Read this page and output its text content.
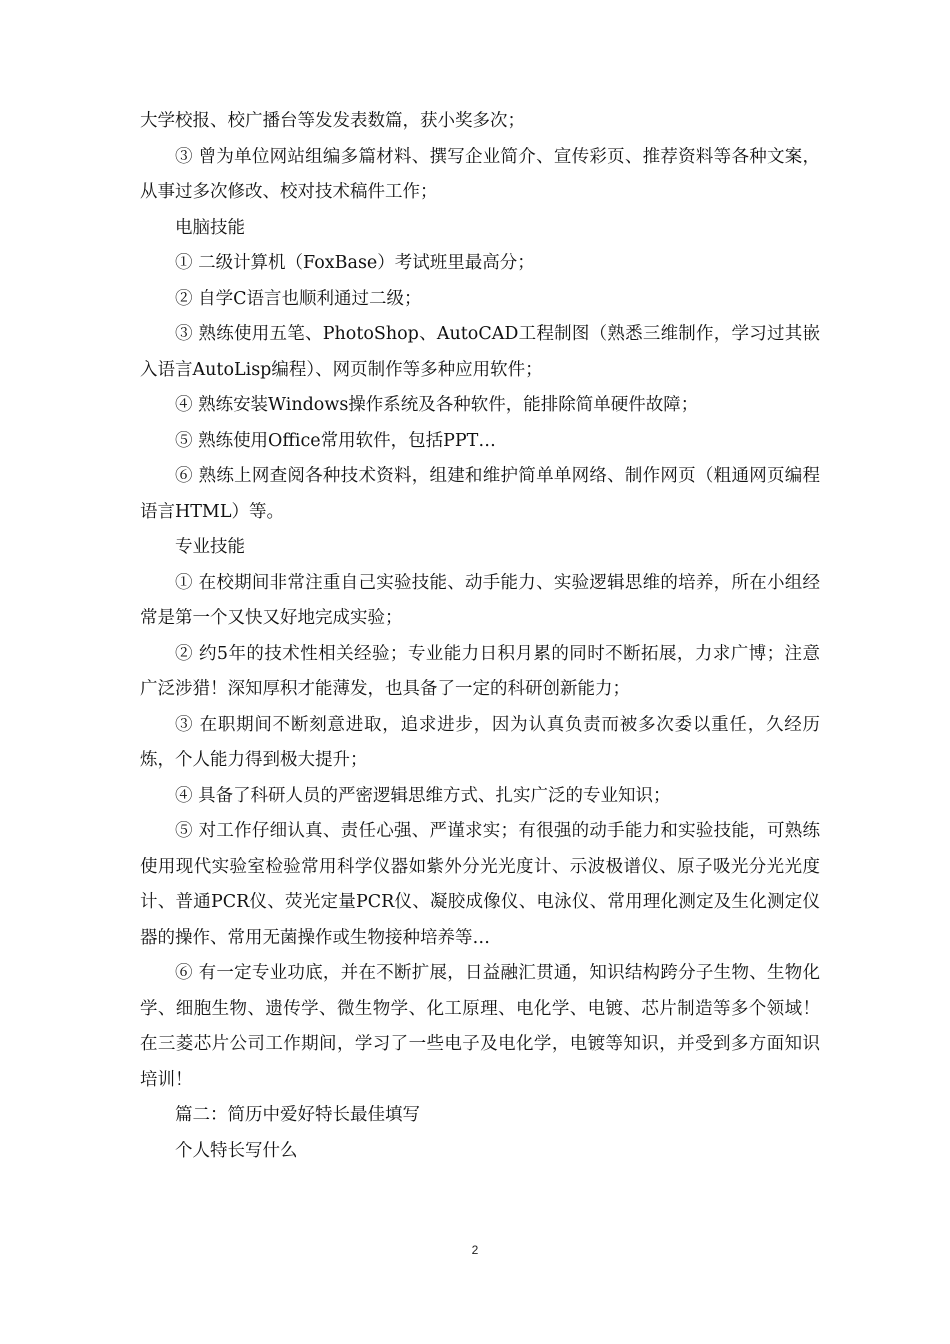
大学校报、校广播台等发发表数篇，获小奖多次；

③ 曾为单位网站组编多篇材料、撰写企业简介、宣传彩页、推荐资料等各种文案，从事过多次修改、校对技术稿件工作；

电脑技能

① 二级计算机（FoxBase）考试班里最高分；

② 自学C语言也顺利通过二级；

③ 熟练使用五笔、PhotoShop、AutoCAD工程制图（熟悉三维制作，学习过其嵌入语言AutoLisp编程）、网页制作等多种应用软件；

④ 熟练安装Windows操作系统及各种软件，能排除简单硬件故障；

⑤ 熟练使用Office常用软件，包括PPT…

⑥ 熟练上网查阅各种技术资料，组建和维护简单单网络、制作网页（粗通网页编程语言HTML）等。

专业技能

① 在校期间非常注重自己实验技能、动手能力、实验逻辑思维的培养，所在小组经常是第一个又快又好地完成实验；

② 约5年的技术性相关经验；专业能力日积月累的同时不断拓展，力求广博；注意广泛涉猎！深知厚积才能薄发，也具备了一定的科研创新能力；

③ 在职期间不断刻意进取，追求进步，因为认真负责而被多次委以重任，久经历炼，个人能力得到极大提升；

④ 具备了科研人员的严密逻辑思维方式、扎实广泛的专业知识；

⑤ 对工作仔细认真、责任心强、严谨求实；有很强的动手能力和实验技能，可熟练使用现代实验室检验常用科学仪器如紫外分光光度计、示波极谱仪、原子吸光分光光度计、普通PCR仪、荧光定量PCR仪、凝胶成像仪、电泳仪、常用理化测定及生化测定仪器的操作、常用无菌操作或生物接种培养等…

⑥ 有一定专业功底，并在不断扩展，日益融汇贯通，知识结构跨分子生物、生物化学、细胞生物、遗传学、微生物学、化工原理、电化学、电镀、芯片制造等多个领域！在三菱芯片公司工作期间，学习了一些电子及电化学，电镀等知识，并受到多方面知识培训！

篇二：简历中爱好特长最佳填写

个人特长写什么

2
